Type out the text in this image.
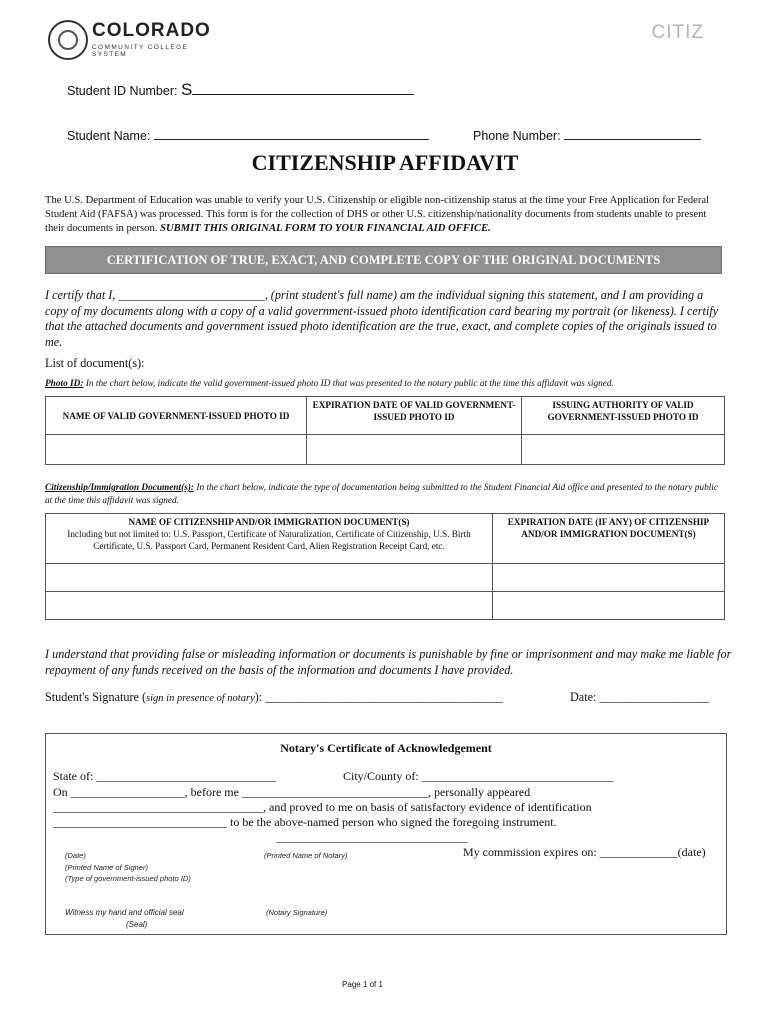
COLORADO
COMMUNITY COLLEGE SYSTEM
CITIZ
Student ID Number: S
Student Name:	Phone Number:
CITIZENSHIP AFFIDAVIT
The U.S. Department of Education was unable to verify your U.S. Citizenship or eligible non-citizenship status at the time your Free Application for Federal Student Aid (FAFSA) was processed. This form is for the collection of DHS or other U.S. citizenship/nationality documents from students unable to present their documents in person. SUBMIT THIS ORIGINAL FORM TO YOUR FINANCIAL AID OFFICE.
CERTIFICATION OF TRUE, EXACT, AND COMPLETE COPY OF THE ORIGINAL DOCUMENTS
I certify that I, ________________________, (print student's full name) am the individual signing this statement, and I am providing a copy of my documents along with a copy of a valid government-issued photo identification card bearing my portrait (or likeness). I certify that the attached documents and government issued photo identification are the true, exact, and complete copies of the originals issued to me.
List of document(s):
Photo ID: In the chart below, indicate the valid government-issued photo ID that was presented to the notary public at the time this affidavit was signed.
NAME OF VALID GOVERNMENT-ISSUED PHOTO ID	EXPIRATION DATE OF VALID GOVERNMENT-ISSUED PHOTO ID	ISSUING AUTHORITY OF VALID GOVERNMENT-ISSUED PHOTO ID

Citizenship/Immigration Document(s): In the chart below, indicate the type of documentation being submitted to the Student Financial Aid office and presented to the notary public at the time this affidavit was signed.
NAME OF CITIZENSHIP AND/OR IMMIGRATION DOCUMENT(S)
Including but not limited to: U.S. Passport, Certificate of Naturalization, Certificate of Citizenship, U.S. Birth Certificate, U.S. Passport Card, Permanent Resident Card, Alien Registration Receipt Card, etc.	EXPIRATION DATE (IF ANY) OF CITIZENSHIP AND/OR IMMIGRATION DOCUMENT(S)

I understand that providing false or misleading information or documents is punishable by fine or imprisonment and may make me liable for repayment of any funds received on the basis of the information and documents I have provided.
Student's Signature (sign in presence of notary): _______________________________________	Date: __________________
Notary's Certificate of Acknowledgement
State of: ______________________________	City/County of: ________________________________
On ___________________, before me _______________________________, personally appeared
___________________________________, and proved to me on basis of satisfactory evidence of identification
_____________________________ to be the above-named person who signed the foregoing instrument.
________________________________
(Date)
(Printed Name of Signer)
(Type of government-issued photo ID)
(Printed Name of Notary)	My commission expires on: _____________(date)
Witness my hand and official seal
(Seal)
(Notary Signature)
Page 1 of 1
